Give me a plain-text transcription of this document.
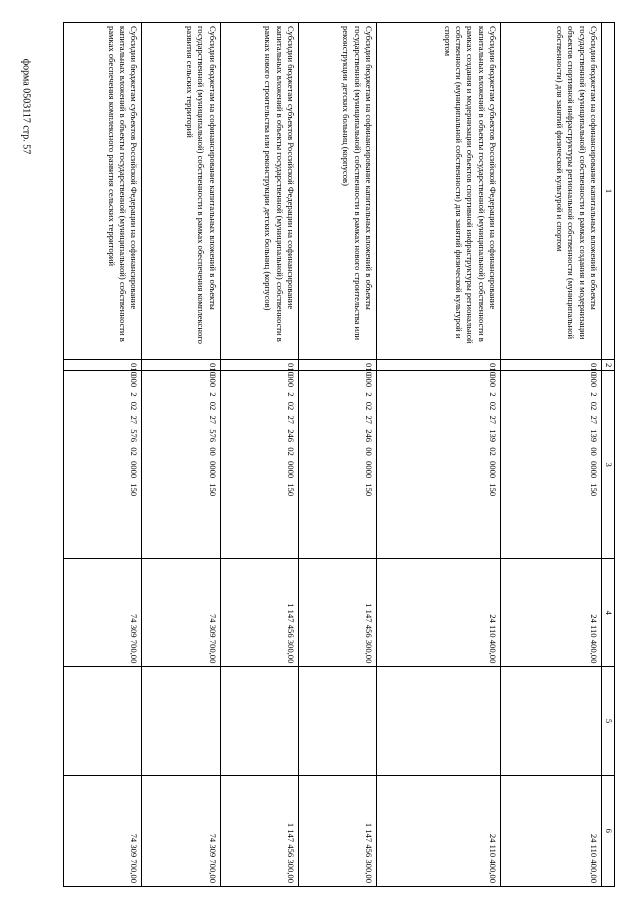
форма 0503117 стр. 57
1	2	3	4	5	6
Субсидии бюджетам на софинансирование капитальных вложений в объекты государственной (муниципальной) собственности в рамках создания и модернизации объектов спортивной инфраструктуры региональной собственности (муниципальной собственности) для занятий физической культурой и спортом	010	000 2 02 27 139 00 0000 150	24 110 400,00		24 110 400,00
Субсидии бюджетам субъектов Российской Федерации на софинансирование капитальных вложений в объекты государственной (муниципальной) собственности в рамках создания и модернизации объектов спортивной инфраструктуры региональной собственности (муниципальной собственности) для занятий физической культурой и спортом	010	000 2 02 27 139 02 0000 150	24 110 400,00		24 110 400,00
Субсидии бюджетам на софинансирование капитальных вложений в объекты государственной (муниципальной) собственности в рамках нового строительства или реконструкции детских больниц (корпусов)	010	000 2 02 27 246 00 0000 150	1 147 456 300,00		1 147 456 300,00
Субсидии бюджетам субъектов Российской Федерации на софинансирование капитальных вложений в объекты государственной (муниципальной) собственности в рамках нового строительства или реконструкции детских больниц (корпусов)	010	000 2 02 27 246 02 0000 150	1 147 456 300,00		1 147 456 300,00
Субсидии бюджетам на софинансирование капитальных вложений в объекты государственной (муниципальной) собственности в рамках обеспечения комплексного развития сельских территорий	010	000 2 02 27 576 00 0000 150	74 309 700,00		74 309 700,00
Субсидии бюджетам субъектов Российской Федерации на софинансирование капитальных вложений в объекты государственной (муниципальной) собственности в рамках обеспечения комплексного развития сельских территорий	010	000 2 02 27 576 02 0000 150	74 309 700,00		74 309 700,00
